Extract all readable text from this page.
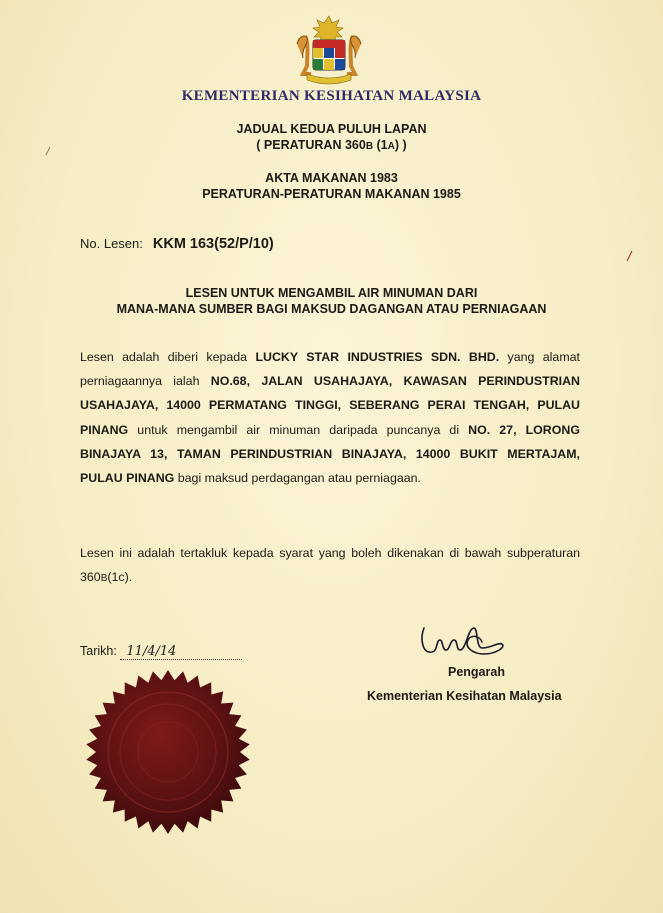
KEMENTERIAN KESIHATAN MALAYSIA
JADUAL KEDUA PULUH LAPAN
( PERATURAN 360B (1A) )
AKTA MAKANAN 1983
PERATURAN-PERATURAN MAKANAN 1985
No. Lesen: KKM 163(52/P/10)
LESEN UNTUK MENGAMBIL AIR MINUMAN DARI
MANA-MANA SUMBER BAGI MAKSUD DAGANGAN ATAU PERNIAGAAN
Lesen adalah diberi kepada LUCKY STAR INDUSTRIES SDN. BHD. yang alamat perniagaannya ialah NO.68, JALAN USAHAJAYA, KAWASAN PERINDUSTRIAN USAHAJAYA, 14000 PERMATANG TINGGI, SEBERANG PERAI TENGAH, PULAU PINANG untuk mengambil air minuman daripada puncanya di NO. 27, LORONG BINAJAYA 13, TAMAN PERINDUSTRIAN BINAJAYA, 14000 BUKIT MERTAJAM, PULAU PINANG bagi maksud perdagangan atau perniagaan.
Lesen ini adalah tertakluk kepada syarat yang boleh dikenakan di bawah subperaturan 360B(1c).
Tarikh: 11/4/14
Pengarah
Kementerian Kesihatan Malaysia
